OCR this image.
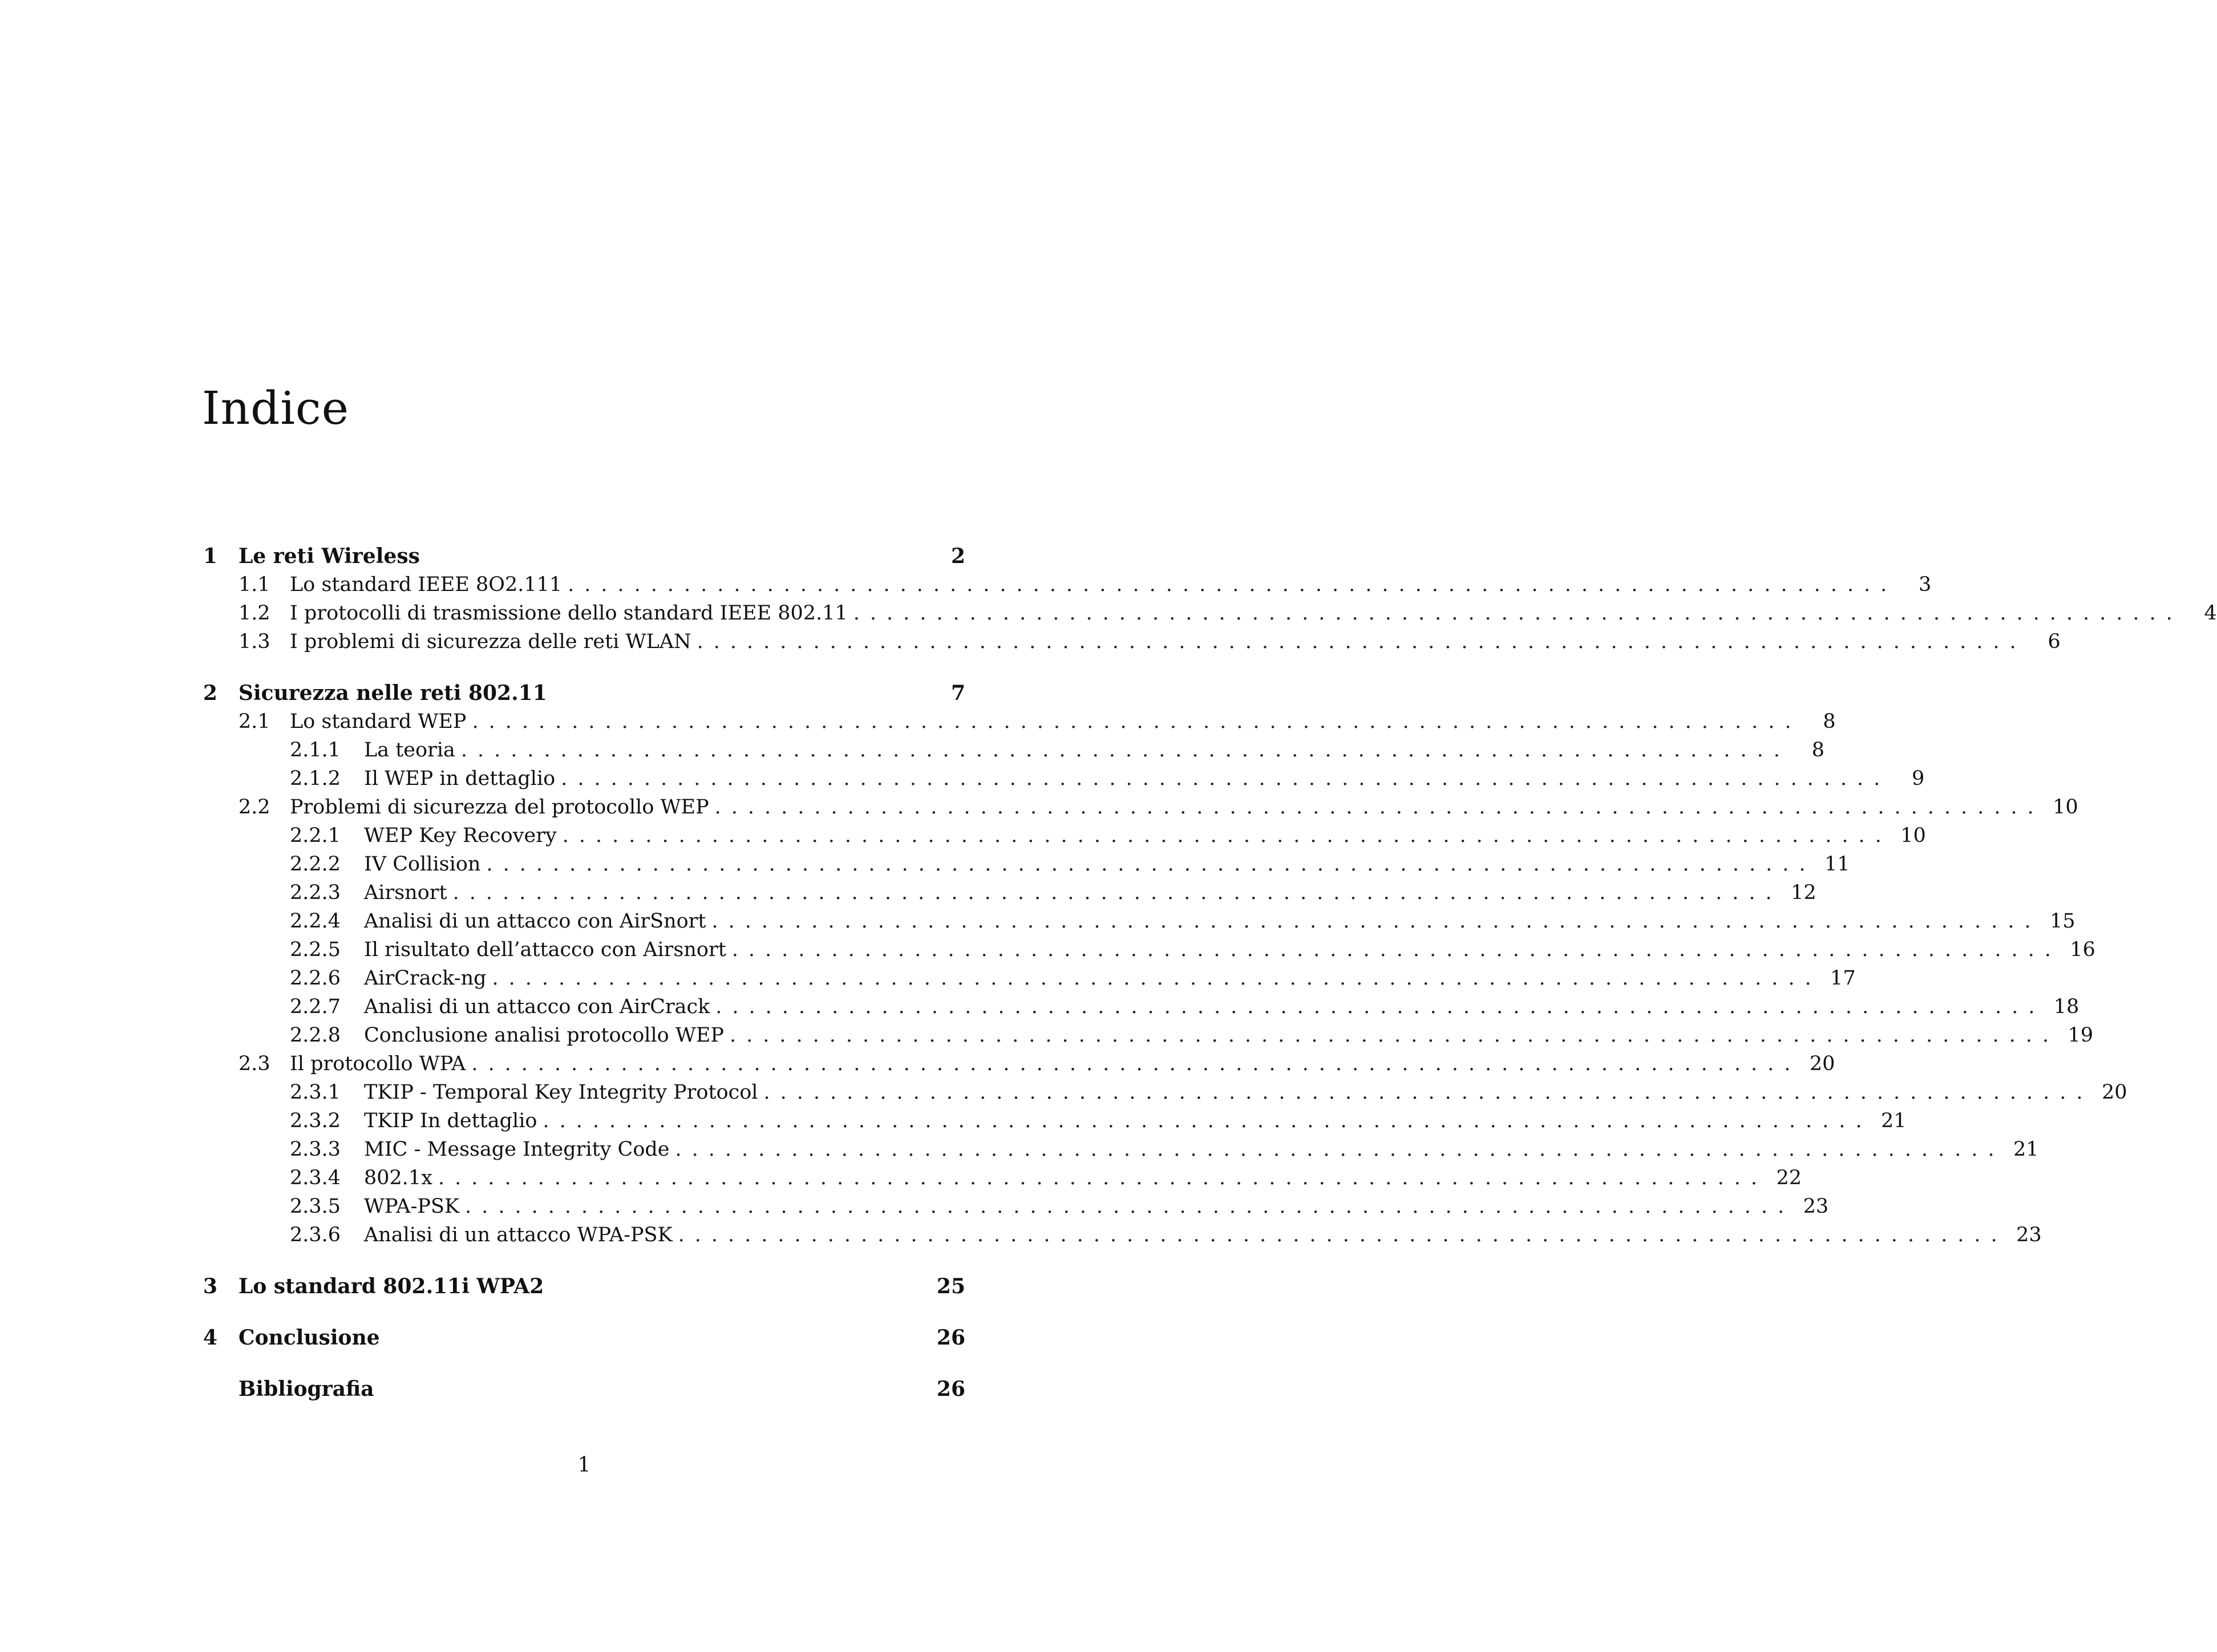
Indice
1	Le reti Wireless	2
1.1 Lo standard IEEE 8O2.111 ................................................................................	3
1.2 I protocolli di trasmissione dello standard IEEE 802.11 ................................................................................	4
1.3 I problemi di sicurezza delle reti WLAN ................................................................................	6
2	Sicurezza nelle reti 802.11	7
2.1 Lo standard WEP ................................................................................	8
2.1.1	La teoria ................................................................................	8
2.1.2	Il WEP in dettaglio ................................................................................	9
2.2 Problemi di sicurezza del protocollo WEP ................................................................................ 10
2.2.1	WEP Key Recovery ................................................................................ 10
2.2.2	IV Collision ................................................................................ 11
2.2.3	Airsnort ................................................................................ 12
2.2.4	Analisi di un attacco con AirSnort ................................................................................ 15
2.2.5	Il risultato dell’attacco con Airsnort ................................................................................ 16
2.2.6	AirCrack-ng ................................................................................ 17
2.2.7	Analisi di un attacco con AirCrack ................................................................................ 18
2.2.8	Conclusione analisi protocollo WEP ................................................................................ 19
2.3 Il protocollo WPA ................................................................................ 20
2.3.1	TKIP - Temporal Key Integrity Protocol ................................................................................ 20
2.3.2	TKIP In dettaglio ................................................................................ 21
2.3.3	MIC - Message Integrity Code ................................................................................ 21
2.3.4	802.1x ................................................................................ 22
2.3.5	WPA-PSK ................................................................................ 23
2.3.6	Analisi di un attacco WPA-PSK ................................................................................ 23
3	Lo standard 802.11i WPA2	25
4	Conclusione	26
Bibliografia	26
1
